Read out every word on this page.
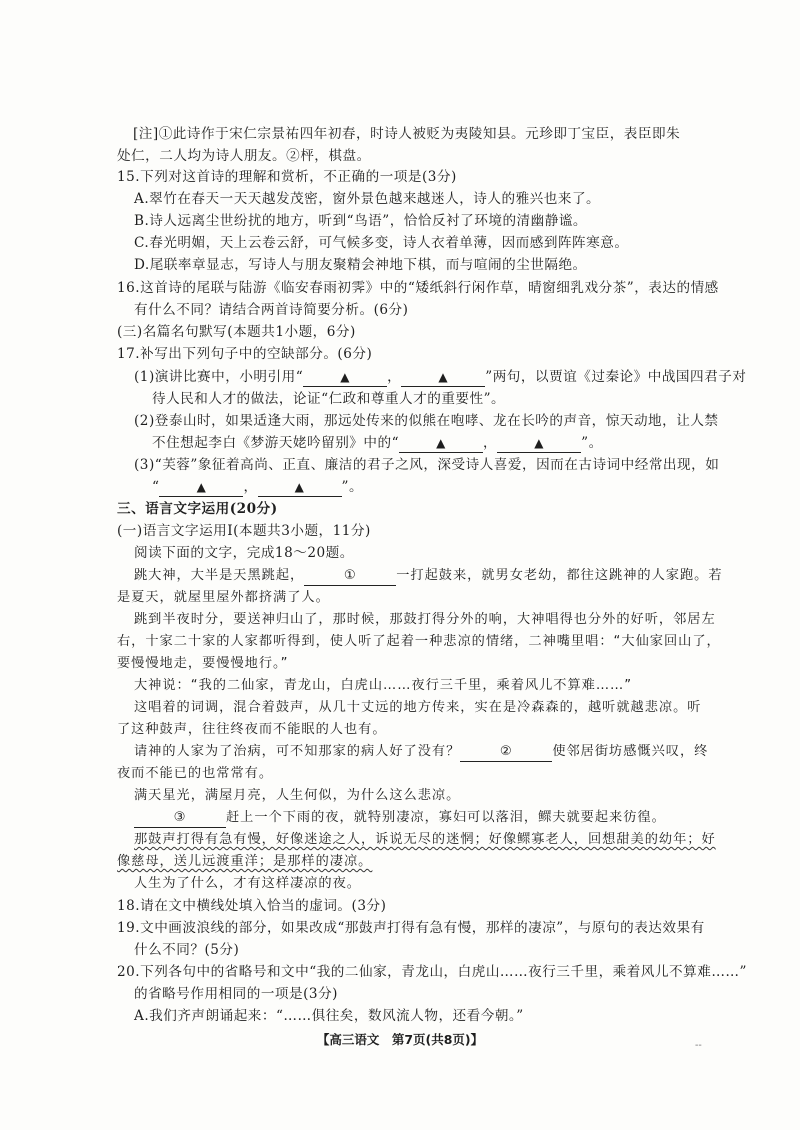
[注]①此诗作于宋仁宗景祐四年初春，时诗人被贬为夷陵知县。元珍即丁宝臣，表臣即朱
处仁，二人均为诗人朋友。②枰，棋盘。
15.下列对这首诗的理解和赏析，不正确的一项是(3分)
A.翠竹在春天一天天越发茂密，窗外景色越来越迷人，诗人的雅兴也来了。
B.诗人远离尘世纷扰的地方，听到“鸟语”，恰恰反衬了环境的清幽静谧。
C.春光明媚，天上云卷云舒，可气候多变，诗人衣着单薄，因而感到阵阵寒意。
D.尾联率章显志，写诗人与朋友聚精会神地下棋，而与喧闹的尘世隔绝。
16.这首诗的尾联与陆游《临安春雨初霁》中的“矮纸斜行闲作草，晴窗细乳戏分茶”，表达的情感
有什么不同？请结合两首诗简要分析。(6分)
(三)名篇名句默写(本题共1小题，6分)
17.补写出下列句子中的空缺部分。(6分)
(1)演讲比赛中，小明引用“	▲	，	▲	”两句，以贾谊《过秦论》中战国四君子对
待人民和人才的做法，论证“仁政和尊重人才的重要性”。
(2)登泰山时，如果适逢大雨，那远处传来的似熊在咆哮、龙在长吟的声音，惊天动地，让人禁
不住想起李白《梦游天姥吟留别》中的“	▲	，	▲	”。
(3)“芙蓉”象征着高尚、正直、廉洁的君子之风，深受诗人喜爱，因而在古诗词中经常出现，如
“	▲	，	▲	”。
三、语言文字运用(20分)
(一)语言文字运用Ⅰ(本题共3小题，11分)
阅读下面的文字，完成18～20题。
跳大神，大半是天黑跳起，	①	一打起鼓来，就男女老幼，都往这跳神的人家跑。若
是夏天，就屋里屋外都挤满了人。
跳到半夜时分，要送神归山了，那时候，那鼓打得分外的响，大神唱得也分外的好听，邻居左
右，十家二十家的人家都听得到，使人听了起着一种悲凉的情绪，二神嘴里唱：“大仙家回山了，
要慢慢地走，要慢慢地行。”
大神说：“我的二仙家，青龙山，白虎山……夜行三千里，乘着风儿不算难……”
这唱着的词调，混合着鼓声，从几十丈远的地方传来，实在是冷森森的，越听就越悲凉。听
了这种鼓声，往往终夜而不能眠的人也有。
请神的人家为了治病，可不知那家的病人好了没有？	②	使邻居街坊感慨兴叹，终
夜而不能已的也常常有。
满天星光，满屋月亮，人生何似，为什么这么悲凉。
③	赶上一个下雨的夜，就特别凄凉，寡妇可以落泪，鳏夫就要起来彷徨。
那鼓声打得有急有慢，好像迷途之人，诉说无尽的迷惘；好像鳏寡老人，回想甜美的幼年；好
像慈母，送儿远渡重洋；是那样的凄凉。
人生为了什么，才有这样凄凉的夜。
18.请在文中横线处填入恰当的虚词。(3分)
19.文中画波浪线的部分，如果改成“那鼓声打得有急有慢，那样的凄凉”，与原句的表达效果有
什么不同？(5分)
20.下列各句中的省略号和文中“我的二仙家，青龙山，白虎山……夜行三千里，乘着风儿不算难……”
的省略号作用相同的一项是(3分)
A.我们齐声朗诵起来：“……俱往矣，数风流人物，还看今朝。”
【高三语文　第7页(共8页)】	--
